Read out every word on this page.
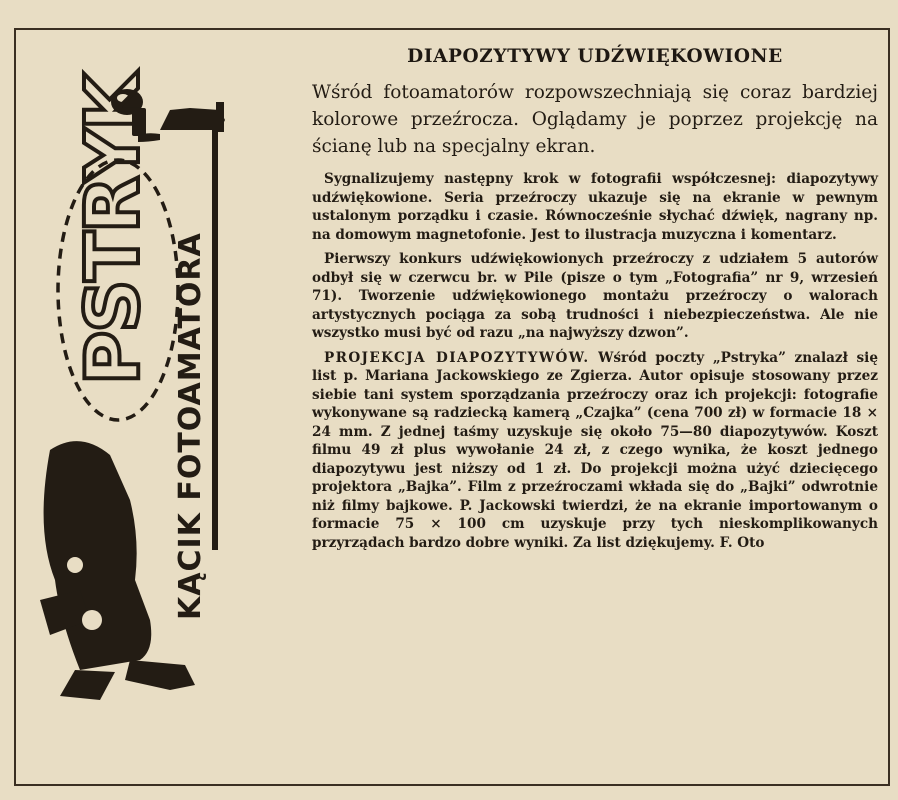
PSTRYK
KĄCIK FOTOAMATORA
DIAPOZYTYWY UDŹWIĘKOWIONE

Wśród fotoamatorów rozpowszechniają się coraz bardziej kolorowe przeźrocza. Oglądamy je poprzez projekcję na ścianę lub na specjalny ekran.

Sygnalizujemy następny krok w fotografii współczesnej: diapozytywy udźwiękowione. Seria przeźroczy ukazuje się na ekranie w pewnym ustalonym porządku i czasie. Równocześnie słychać dźwięk, nagrany np. na domowym magnetofonie. Jest to ilustracja muzyczna i komentarz.

Pierwszy konkurs udźwiękowionych przeźroczy z udziałem 5 autorów odbył się w czerwcu br. w Pile (pisze o tym „Fotografia” nr 9, wrzesień 71). Tworzenie udźwiękowionego montażu przeźroczy o walorach artystycznych pociąga za sobą trudności i niebezpieczeństwa. Ale nie wszystko musi być od razu „na najwyższy dzwon”.

PROJEKCJA DIAPOZYTYWÓW. Wśród poczty „Pstryka” znalazł się list p. Mariana Jackowskiego ze Zgierza. Autor opisuje stosowany przez siebie tani system sporządzania przeźroczy oraz ich projekcji: fotografie wykonywane są radziecką kamerą „Czajka” (cena 700 zł) w formacie 18 × 24 mm. Z jednej taśmy uzyskuje się około 75—80 diapozytywów. Koszt filmu 49 zł plus wywołanie 24 zł, z czego wynika, że koszt jednego diapozytywu jest niższy od 1 zł. Do projekcji można użyć dziecięcego projektora „Bajka”. Film z przeźroczami wkłada się do „Bajki” odwrotnie niż filmy bajkowe. P. Jackowski twierdzi, że na ekranie importowanym o formacie 75 × 100 cm uzyskuje przy tych nieskomplikowanych przyrządach bardzo dobre wyniki. Za list dziękujemy. F. Oto
